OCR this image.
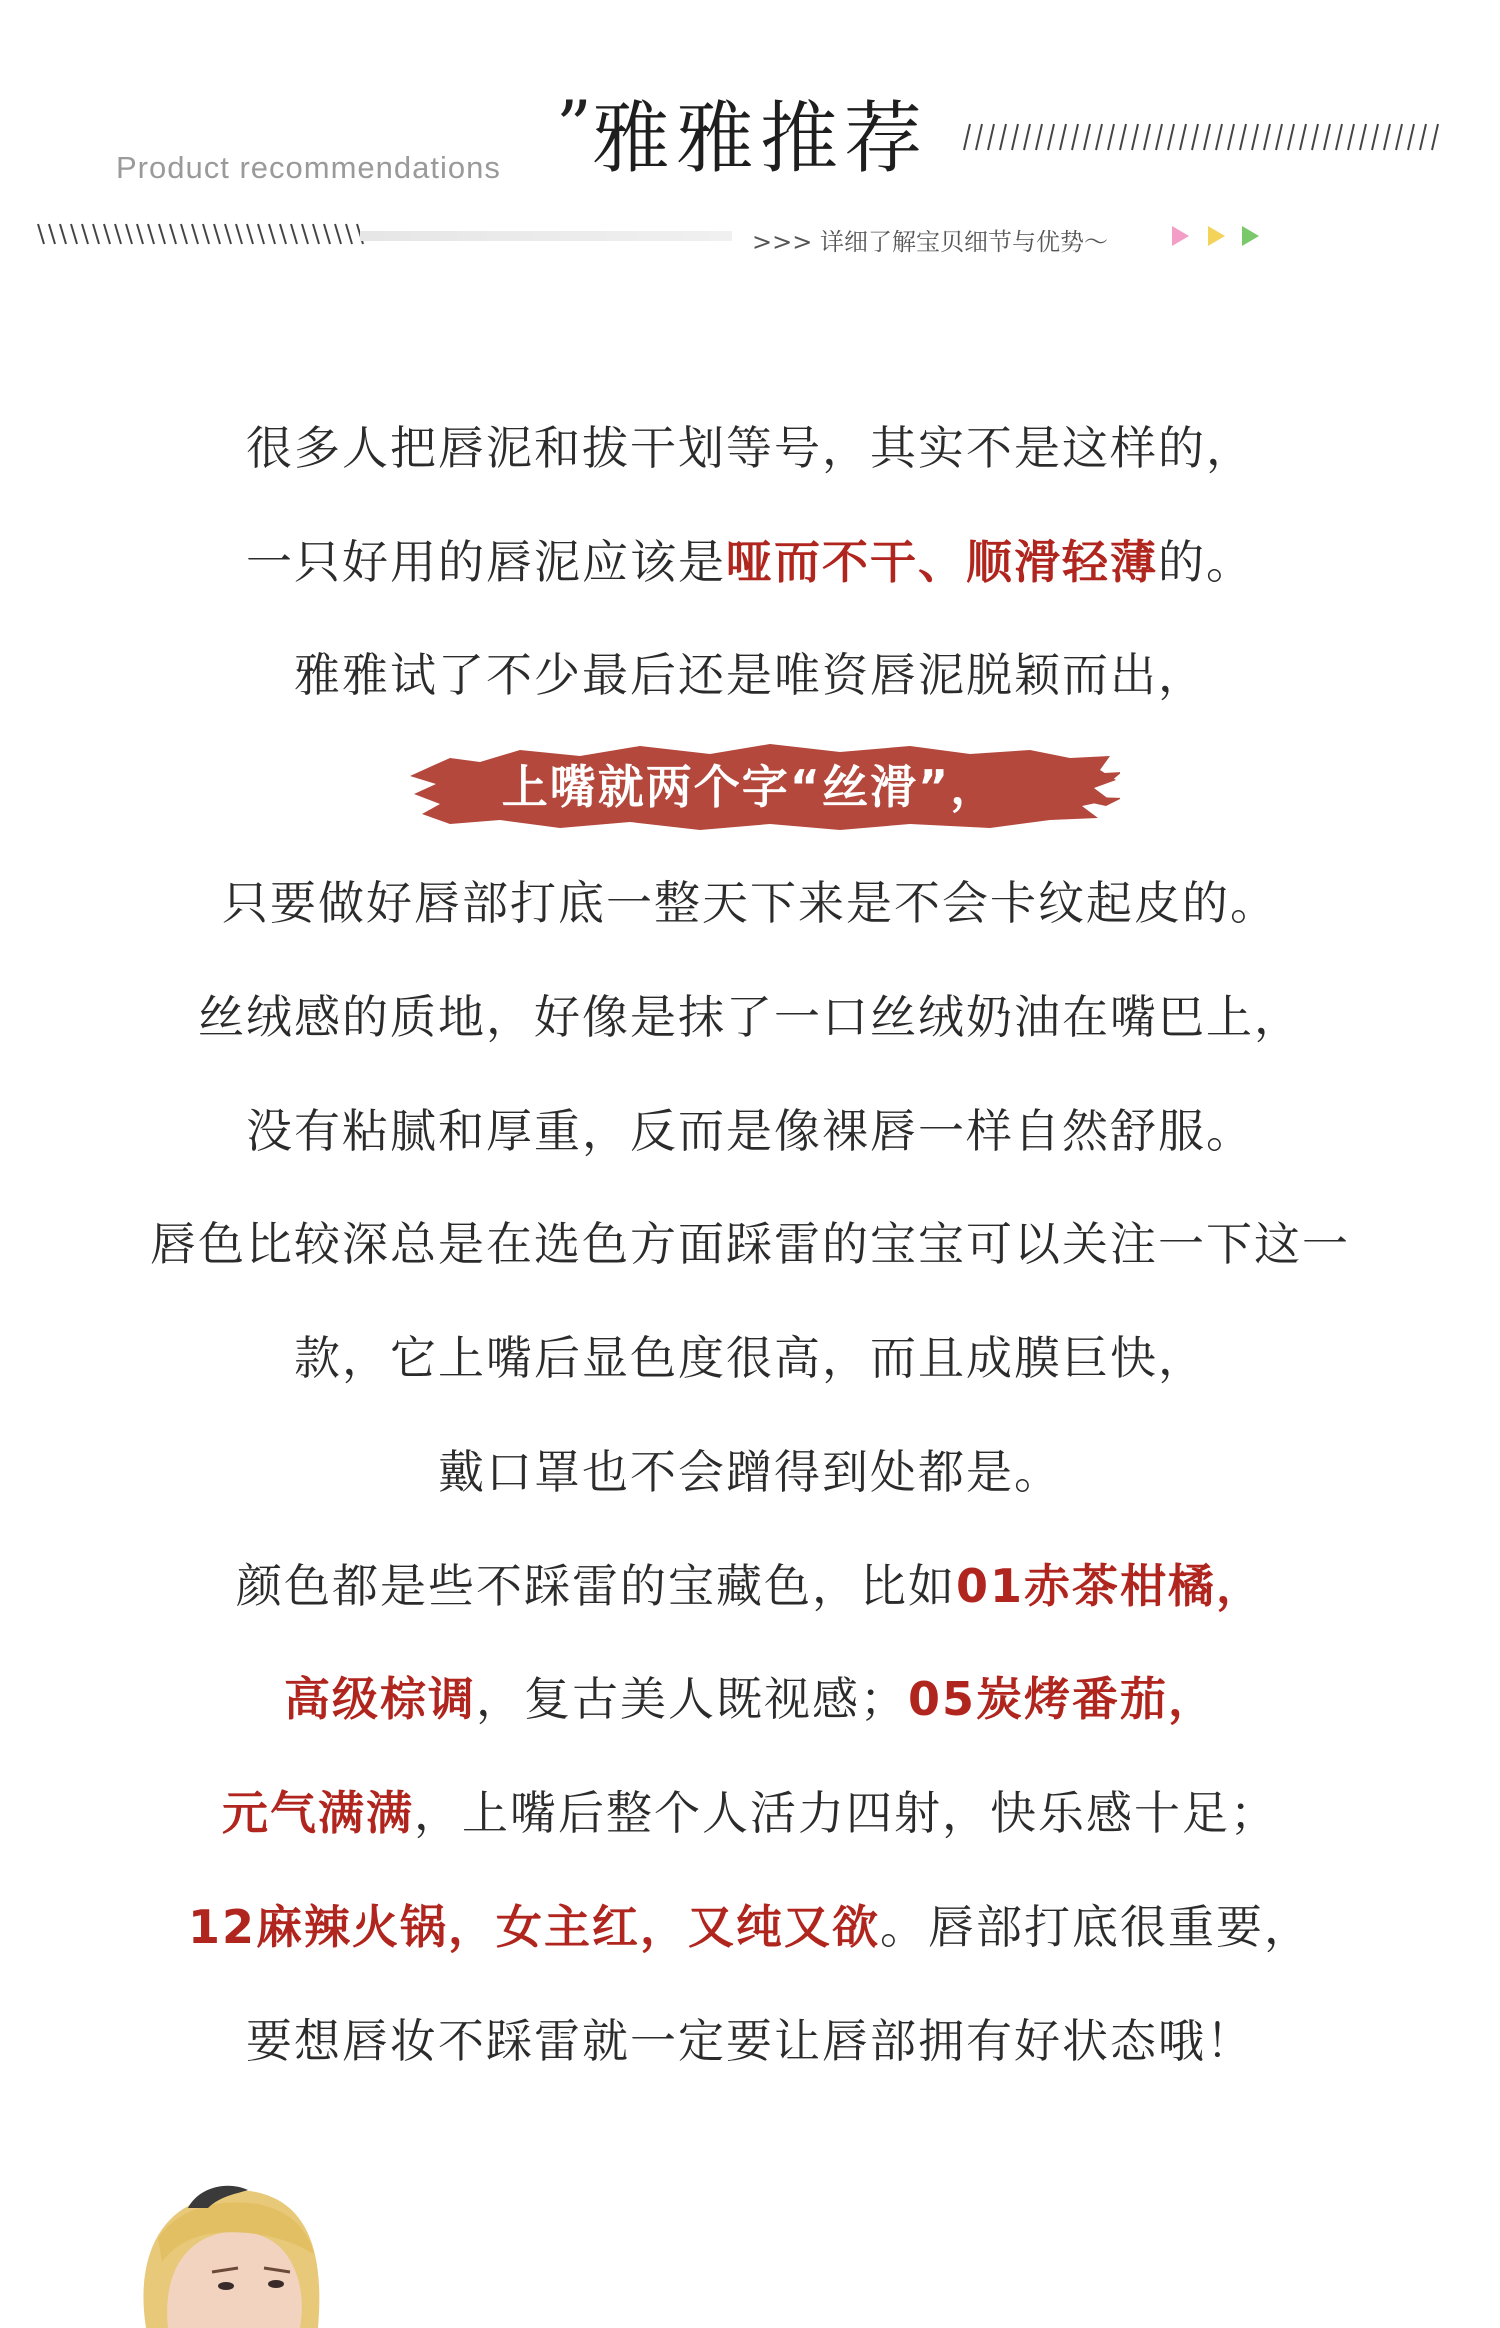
Product recommendations ” 雅雅推荐
>>> 详细了解宝贝细节与优势～
很多人把唇泥和拔干划等号，其实不是这样的，
一只好用的唇泥应该是哑而不干、顺滑轻薄的。
雅雅试了不少最后还是唯资唇泥脱颖而出，
上嘴就两个字“丝滑”，
只要做好唇部打底一整天下来是不会卡纹起皮的。
丝绒感的质地，好像是抹了一口丝绒奶油在嘴巴上，
没有粘腻和厚重，反而是像裸唇一样自然舒服。
唇色比较深总是在选色方面踩雷的宝宝可以关注一下这一
款，它上嘴后显色度很高，而且成膜巨快，
戴口罩也不会蹭得到处都是。
颜色都是些不踩雷的宝藏色，比如01赤茶柑橘，
高级棕调，复古美人既视感；05炭烤番茄，
元气满满，上嘴后整个人活力四射，快乐感十足；
12麻辣火锅，女主红，又纯又欲。唇部打底很重要，
要想唇妆不踩雷就一定要让唇部拥有好状态哦！
